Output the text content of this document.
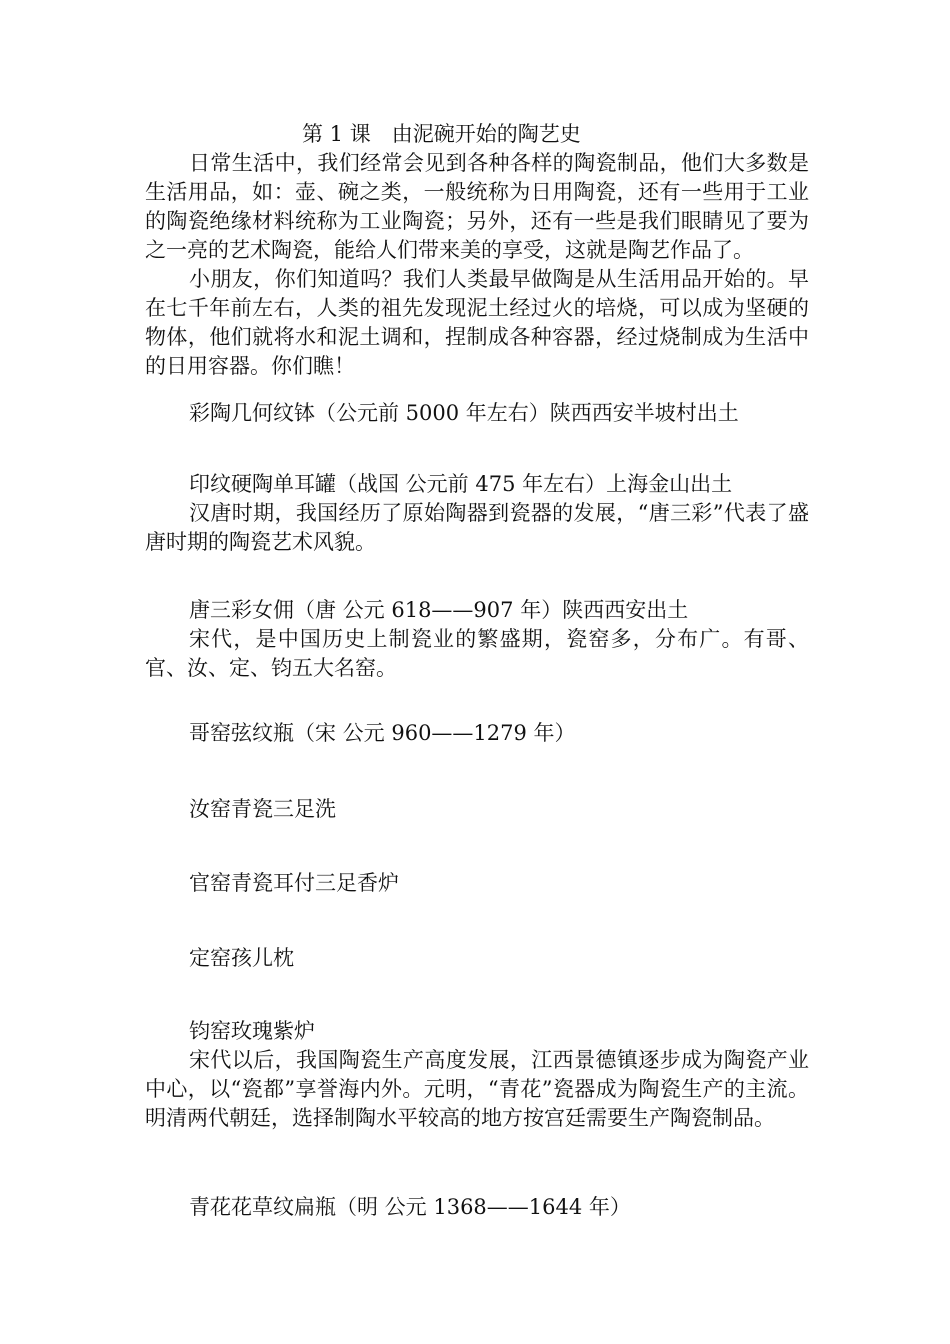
第 1 课　由泥碗开始的陶艺史

日常生活中，我们经常会见到各种各样的陶瓷制品，他们大多数是生活用品，如：壶、碗之类，一般统称为日用陶瓷，还有一些用于工业的陶瓷绝缘材料统称为工业陶瓷；另外，还有一些是我们眼睛见了要为之一亮的艺术陶瓷，能给人们带来美的享受，这就是陶艺作品了。

小朋友，你们知道吗？我们人类最早做陶是从生活用品开始的。早在七千年前左右，人类的祖先发现泥土经过火的培烧，可以成为坚硬的物体，他们就将水和泥土调和，捏制成各种容器，经过烧制成为生活中的日用容器。你们瞧！

彩陶几何纹钵（公元前 5000 年左右）陕西西安半坡村出土

印纹硬陶单耳罐（战国 公元前 475 年左右）上海金山出土

汉唐时期，我国经历了原始陶器到瓷器的发展，“唐三彩”代表了盛唐时期的陶瓷艺术风貌。

唐三彩女佣（唐 公元 618——907 年）陕西西安出土

宋代，是中国历史上制瓷业的繁盛期，瓷窑多，分布广。有哥、官、汝、定、钧五大名窑。

哥窑弦纹瓶（宋 公元 960——1279 年）

汝窑青瓷三足洗

官窑青瓷耳付三足香炉

定窑孩儿枕

钧窑玫瑰紫炉

宋代以后，我国陶瓷生产高度发展，江西景德镇逐步成为陶瓷产业中心，以“瓷都”享誉海内外。元明，“青花”瓷器成为陶瓷生产的主流。明清两代朝廷，选择制陶水平较高的地方按宫廷需要生产陶瓷制品。

青花花草纹扁瓶（明 公元 1368——1644 年）
